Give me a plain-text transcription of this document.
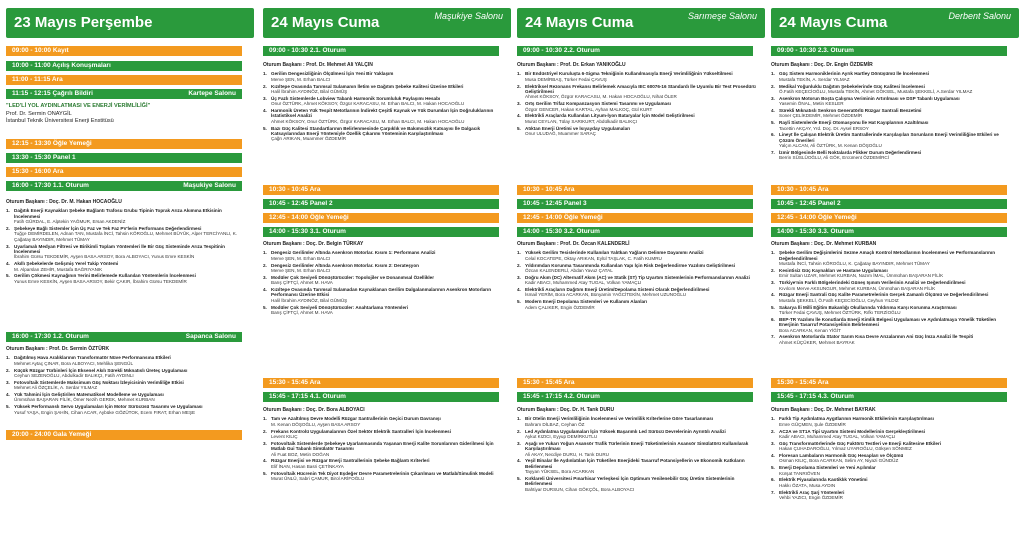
23 Mayıs Perşembe
09:00 - 10:00 Kayıt
10:00 - 11:00 Açılış Konuşmaları
11:00 - 11:15 Ara
11:15 - 12:15 Çağrılı Bildiri	Kartepe Salonu
12:15 - 13:30 Öğle Yemeği
13:30 - 15:30 Panel 1
15:30 - 16:00 Ara
16:00 - 17:30 1.1. Oturum	Maşukiye Salonu
16:00 - 17:30 1.2. Oturum	Sapanca Salonu
20:00 - 24:00 Gala Yemeği
"LED'Lİ YOL AYDINLATMASI VE ENERJİ VERİMLİLİĞİ"
Prof. Dr. Sermin ONAYGİL
İstanbul Teknik Üniversitesi Enerji Enstitüsü
Oturum Başkanı : Doç. Dr. M. Hakan HOCAOĞLU
1. Dağıtık Enerji Kaynakları Şebeke Bağlantı Trafosu Grubu Tipinin Toprak Arıza Akımına Etkisinin İncelenmesi
Fatih GÜRDAL, E. Alptekin YAĞMUR, Ersan AKDENİZ
2. Şebekeye Bağlı Sistemler İçin Üç Faz ve Tek Faz PV'lerin Performans Değerlendirmesi
Tuğçe DEMİRDELEN, Adnan TAN, Mustafa İNCİ, Tahsin KÖROĞLU, Mehmet BÜYÜK, Alper TERCİYANLI, K. Çağatay BAYINDIR, Mehmet TÜMAY
3. Uyarlamalı Medyan Filtresi ve Birikimli Toplam Yöntemleri İle Bir Güç Sisteminde Arıza Tespitinin İncelenmesi
İbrahim Gürsu TEKDEMİR, Ayşen BASA ARSOY, Bora ALBOYACI, Yunus Emre KESKİN
4. Akıllı Şebekelerde Gelişmiş Yerel Takip Yöntemi
M. Alparslan ZEHİR, Mustafa BAĞRIYANIK
5. Gerilim Çökmesi Kaynağının Yerini Belirlemede Kullanılan Yöntemlerin İncelenmesi
Yunus Emre KESKİN, Ayşen BASA ARSOY, Bekir ÇAKIR, İbrahim Gürsu TEKDEMİR
Oturum Başkanı : Prof. Dr. Sermin ÖZTÜRK
1. Dağıtılmış Hava Aralıklarının Transformatör Nüve Performansına Etkileri
Mehmet Aytaç ÇINAR, Bora ALBOYACI, Mehlika ŞENGÜL
2. Küçük Rüzgar Türbinleri İçin Eksenel Akılı Sürekli Mıknatıslı Üreteç Uygulaması
Ceyhun SEZENOĞLU, Abdulkadir BALIKÇI, Fatih AYDINLI
3. Fotovoltaik Sistemlerde Maksimum Güç Noktası İzleyicisinin Verimliliğe Etkisi
Mehmet Ali ÖZÇELİK, A. Serdar YILMAZ
4. Yük Tahmini İçin Geliştirilen Matematiksel Modelleme ve Uygulaması
Ümmühan BAŞARAN FİLİK, Ömer Nezih GEREK, Mehmet KURBAN
5. Yüksek Performanslı Servo Uygulamaları İçin Motor Sürücüsü Tasarımı ve Uygulaması
Yusuf YAŞA, Engin ŞAHİN, Cihan ACAR, Aybüke GÖZÜTOK, Ecem FIRAT, Erhan MEŞE
24 Mayıs Cuma	Maşukiye Salonu
09:00 - 10:30 2.1. Oturum
10:30 - 10:45 Ara
10:45 - 12:45 Panel 2
12:45 - 14:00 Öğle Yemeği
14:00 - 15:30 3.1. Oturum
15:30 - 15:45 Ara
15:45 - 17:15 4.1. Oturum
Oturum Başkanı : Prof. Dr. Mehmet Ali YALÇIN
1. Gerilim Dengesizliğinin Ölçülmesi İçin Yeni Bir Yaklaşım
Merve ŞEN, M. Erhan BALCI
2. Kızıltepe Ovasında Tarımsal Sulamanın İletim ve Dağıtım Şebeke Kalitesi Üzerine Etkileri
Halil İbrahim AYDINÖZ, Bilal GÜMÜŞ
3. Üç Fazlı Sistemlerde Lobview Tabanlı Harmonik Sorumluluk Paylaşımı Hesabı
Onur ÖZTÜRK, Ahmet KÖKSOY, Özgür KARACASU, M. Erhan BALCI, M. Hakan HOCAOĞLU
4. Harmonik Üreten Yük Tespit Metotlarının İndirekt Çeşitli Kaynak ve Yük Durumları İçin Doğruluklarının İstatistiksel Analizi
Ahmet KÖKSOY, Onur ÖZTÜRK, Özgür KARACASU, M. Erhan BALCI, M. Hakan HOCAOĞLU
5. Bazı Güç Kalitesi Standartlarının Belirlenmesinde Çarpıklık ve Bakımsızlık Katsayısı İle Dalgacık Katsayılarından Enerji Yöntemiyle Özellik Çıkarımı Yönteminin Karşılaştırılması
Çağrı ARIKAN, Muammer ÖZDEMİR
Oturum Başkanı : Doç. Dr. Belgin TÜRKAY
1. Dengesiz Gerilimler Altında Asenkron Motorlar. Kısım 1: Performans Analizi
Merve ŞEN, M. Erhan BALCI
2. Dengesiz Gerilimler Altında Asenkron Motorlar. Kısım 2: Derateşyon
Merve ŞEN, M. Erhan BALCI
3. Modüler Çok Seviyeli Dönüştürücüler: Topolojiler ve Donanımsal Özellikler
Barış ÇİFTÇİ, Ahmet M. HAVA
4. Kızıltepe Ovasında Tarımsal Sulamadan Kaynaklanan Gerilim Dalgalanmalarının Asenkron Motorların Performansı Üzerine Etkisi
Halil İbrahim AYDINÖZ, Bilal GÜMÜŞ
5. Modüler Çok Seviyeli Dönüştürücüler: Anahtarlama Yöntemleri
Barış ÇİFTÇİ, Ahmet M. HAVA
Oturum Başkanı : Doç. Dr. Bora ALBOYACI
1. Tam ve Azaltılmış Devre Modelli Rüzgar Santrallerinin Geçici Durum Davranışı
M. Kenan DÖŞOĞLU, Ayşen BASA ARSOY
2. Frekans Kontrolü Uygulamalarının Özel Sektör Elektrik Santralleri İçin İncelenmesi
Levent KILIÇ
3. Fotovoltaik Sistemlerde Şebekeye Uyarlanmasında Yaşanan Enerji Kalite Sorunlarının Giderilmesi İçin Matlab Gui Tabanlı Simülatör Tasarımı
Ali Fuat BOZ, Metin DOĞAN
4. Rüzgar Enerjisi ve Rüzgar Enerji Santrallerinin Şebeke Bağlantı Kriterleri
Elif İNAN, Hasan Basri ÇETİNKAYA
5. Fotovoltaik Hücrenin Tek Diyot Eşdeğer Devre Parametrelerinin Çıkarılması ve Matlab/Simulink Modeli
Murat ÜNLÜ, Sabri ÇAMUR, Birol ARİFOĞLU
24 Mayıs Cuma	Sarımeşe Salonu
09:00 - 10:30 2.2. Oturum
10:30 - 10:45 Ara
10:45 - 12:45 Panel 3
12:45 - 14:00 Öğle Yemeği
14:00 - 15:30 3.2. Oturum
15:30 - 15:45 Ara
15:45 - 17:15 4.2. Oturum
Oturum Başkanı : Prof. Dr. Erkan YANIKOĞLU
1. Bir Endüstriyel Kuruluşta 6-Sigma Tekniğinin Kullanılmasıyla Enerji Verimliliğinin Yükseltilmesi
Musa DEMİRBAŞ, Türker Fedai ÇAVUŞ
2. Elektriksel Rezonans Frekansı Belirlemek Amacıyla IEC 60076-16 Standardı İle Uyumlu Bir Test Prosedürü Geliştirilmesi
Ahmet KÖKSOY, Özgür KARACASU, M. Hakan HOCAOĞLU, Nihat ÖLER
3. Ortş Gerilim Trifaz Kompanzasyon Sistemi Tasarımı ve Uygulaması
Özgür GENCER, Hakan KARTAL, Ayhan MALKOÇ, Gül KURT
4. Elektrikli Araçlarda Kullanılan Lityum-İyon Bataryalar İçin Model Geliştirilmesi
Murat CEYLAN, Tülay SARIKURT, Abdülkadir BALIKÇI
5. Atıktan Enerji Üretimi ve İsıyayday Uygulamaları
Onur ULUDAĞ, Muammer SARAÇ
Oturum Başkanı : Prof. Dr. Özcan KALENDERLİ
1. Yüksek Gerilim Tesislerinde Kullanılan Yalıtkan Yağların Delinme Dayanımı Analizi
Celal KOCATEPE, Oktay ARIKAN, Eylül TAŞLAK, C. Fatih KUMRU
2. Yıldırımdan Korunma Tasarımında Kullanılan Yapı İçin Risk Değerlendirme Yazılımı Geliştirilmesi
Özcan KALENDERLİ, Abdan Yavuz ÇATAL
3. Doğru Akım (DC) Alternatif Akım (AC) ve Statik (ST) Tip Uyartım Sistemlerinin Performanslarının Analizi
Kadir ABACI, Muhammed Atay TUGAL, Volkan YAMAÇLI
4. Elektrikli Araçların Dağıtım Enerji Üretim/Depolama Sistemi Olarak Değerlendirilmesi
İsmail YERİM, Bora ACARKAN, Bünyamin YAĞCİTEKİN, Mehmet UZUNOĞLU
5. Modern Enerji Depolama Sistemleri ve Kullanım Alanları
Adem ÇALIKER, Engin ÖZDEMİR
Oturum Başkanı : Doç. Dr. H. Tarık DURU
1. Bir Otelin Enerji Verimliliğinin İncelenmesi ve Verimlilik Kriterlerine Göre Tasarlanması
Bahram DİLBAZ, Ceyhan ÖZ
2. Led Aydınlatma Uygulamaları İçin Yüksek Başarımlı Led Sürücü Devrelerinin Ayrıntılı Analizi
Aykut KIZICI, Eyyup DEMİRKUTLU
3. Aşağı ve Yukarı Yoğun Asansör Trafik Türlerinin Enerji Tüketimlerinin Asansör Simülatörü Kullanılarak Karşılaştırılması
Ali AKAY, Necdiye DURU, H. Tarık DURU
4. Yeşil Binalar İle Aydınlatılan İçin Tüketilen Enerjideki Tasarruf Potansiyellerin ve Ekonomik Katkıların Belirlenmesi
Tayyan YÜKSEL, Bora ACARKAN
5. Kırklareli Üniversitesi Pınarhisar Yerleşkesi İçin Optimum Yenilenebilir Güç Üretim Sistemlerinin Belirlenmesi
Bahtiyar DURSUN, Cihan GÖKÇÖL, Bora ALBOYACI
24 Mayıs Cuma	Derbent Salonu
09:00 - 10:30 2.3. Oturum
10:30 - 10:45 Ara
10:45 - 12:45 Panel 2
12:45 - 14:00 Öğle Yemeği
14:00 - 15:30 3.3. Oturum
15:30 - 15:45 Ara
15:45 - 17:15 4.3. Oturum
Oturum Başkanı : Doç. Dr. Engin ÖZDEMİR
1. Güç Sistem Harmoniklerinin Ayrık Hartley Dönüşümü İle İncelenmesi
Mustafa TEKİN, A. Serdar YILMAZ
2. Medikal Yoğunluklu Dağıtım Şebekelerinde Güç Kalitesi İncelemesi
Ö.Fatih KEÇECİOĞLU, Mustafa TEKİN, Ahmet GÖKSEL, Mustafa ŞEKKELİ, A.Serdar YILMAZ
3. Asenkron Motorun Boşta Çalışma Veriminin Artırılması ve DSP Tabanlı Uygulaması
Yasemin ÖNAL, Metin KESLER
4. Sürekli Mıknatıslı Senkron Generatörlü Rüzgar Santrali Benzetimi
Soner ÇELİKDEMİR, Mehmet ÖZDEMİR
5. Rayli Sistemlerde Enerji Otomasyonu İle Hat Kayıplarının Azaltılması
Tacettin AKÇAY, Yrd. Doç. Dr. Aysel ERSOY
6. Lineyt İle Çalışan Elektrik Üretim Santrallerinde Karşılaşılan Sorunların Enerji Verimliliğine Etkileri ve Çözüm Önerileri
Yalçın ALCAN, Ali ÖZTÜRK, M. Kenan DÖŞOĞLU
7. İzmir Bölgesinde Belli Noktalarda Flikker Durum Değerlendirmesi
Berrin SÜSLÜOĞLU, Ali GÖK, Ercüment ÖZDEMİRCİ
Oturum Başkanı : Doç. Dr. Mehmet KURBAN
1. Şebeke Gerilim Değişimlerini Sezme Amaçlı Kontrol Metodlarının İncelenmesi ve Performanslarının Değerlendirilmesi
Mustafa İNCİ, Tahsin KÖROĞLU, K. Çağatay BAYINDIR, Mehmet TÜMAY
2. Kesintisiz Güç Kaynakları ve Hastane Uygulaması
Emir Sultan UZAR, Mehmet KURBAN, Nazım İMAL, Ümmühan BAŞARAN FİLİK
3. Türkiye'nin Farklı Bölgelerindeki Güneş Işınım Verilerinin Analizi ve Değerlendirilmesi
Kıvılcım Merve AKSUNGUR, Mehmet KURBAN, Ümmühan BAŞARAN FİLİK
4. Rüzgar Enerji Santrali Güç Kalite Parametrelerinin Gerçek Zamanlı Ölçümü ve Değerlendirilmesi
Mustafa ŞEKKELİ, Ö.Fatih KEÇECİOĞLU, Ceyhun YILDIZ
5. Sakarya İli Milli Eğitim Bakanlığı Okullarında Yıldırıma Karşı Korunma Araştırması
Türker Fedai ÇAVUŞ, Mehmet ÖZTÜRK, Rıfkı TERZİOĞLU
6. BEP-TR Yazılımı İle Konutlarda Enerji Kimlik Belgesi Uygulaması ve Aydınlatmaya Yönelik Tüketilen Enerjinin Tasarruf Potansiyelinin Belirlenmesi
Bora ACARKAN, Kenan YİĞİT
7. Asenkron Motorlarda Stator Sarım Kısa Devre Arızalarının Ani Güç İmza Analizi İle Tespiti
Ahmet KÜÇÜKER, Mehmet BAYRAK
Oturum Başkanı : Doç. Dr. Mehmet BAYRAK
1. Farklı Tip Aydınlatma Aygıtlarının Harmonik Etkilerinin Karşılaştırılması
Emre GÜÇMEN, Şule ÖZDEMİR
2. AC2A ve ST1A Tipi Uyartım Sistemi Modellerinin Gerçekleştirilmesi
Kadir ABACI, Muhammed Atay TUGAL, Volkan YAMAÇLI
3. Güç Transformatörlerinde Güç Faktörü Testleri ve Enerji Kalitesine Etkileri
Hakan ÇUHADAROĞLU, Yılmaz UYAROĞLU, Gökşen SÖNMEZ
4. Floresan Lambaların Harmonik Güç Hesapları ve Ölçümü
Osman KILIÇ, Bora ACARKAN, Selim AY, Niyazi GÜNDÜZ
5. Enerji Depolama Sistemleri ve Yeni Açılımlar
Kürşat TANRIÖVEN
6. Elektrik Piyasalarında Kaotiklık Yönetimi
Hakkı ÖZATA, Musa AYDIN
7. Elektrikli Araç Şarj Yöntemleri
Vehbi YAZICI, Engin ÖZDEMİR
